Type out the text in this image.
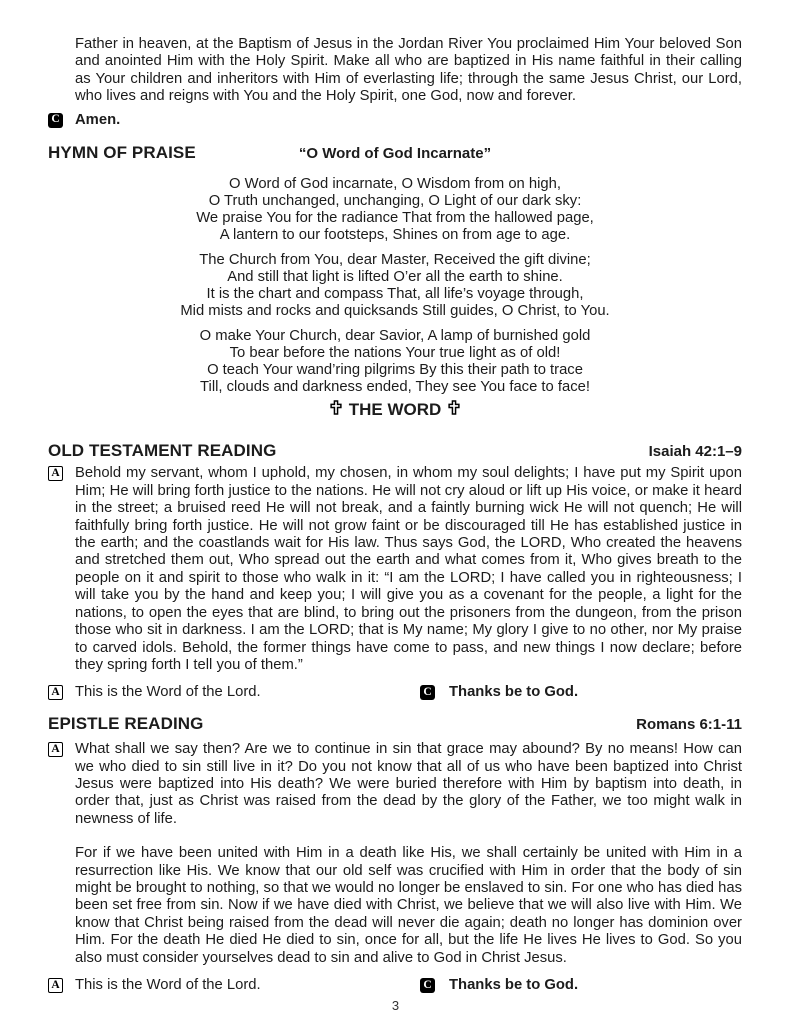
Father in heaven, at the Baptism of Jesus in the Jordan River You proclaimed Him Your beloved Son and anointed Him with the Holy Spirit. Make all who are baptized in His name faithful in their calling as Your children and inheritors with Him of everlasting life; through the same Jesus Christ, our Lord, who lives and reigns with You and the Holy Spirit, one God, now and forever.

C Amen.
HYMN OF PRAISE	“O Word of God Incarnate”
O Word of God incarnate, O Wisdom from on high,
O Truth unchanged, unchanging, O Light of our dark sky:
We praise You for the radiance That from the hallowed page,
A lantern to our footsteps, Shines on from age to age.
The Church from You, dear Master, Received the gift divine;
And still that light is lifted O’er all the earth to shine.
It is the chart and compass That, all life’s voyage through,
Mid mists and rocks and quicksands Still guides, O Christ, to You.
O make Your Church, dear Savior, A lamp of burnished gold
To bear before the nations Your true light as of old!
O teach Your wand’ring pilgrims By this their path to trace
Till, clouds and darkness ended, They see You face to face!
THE WORD
OLD TESTAMENT READING	Isaiah 42:1–9
A Behold my servant, whom I uphold, my chosen, in whom my soul delights; I have put my Spirit upon Him; He will bring forth justice to the nations. He will not cry aloud or lift up His voice, or make it heard in the street; a bruised reed He will not break, and a faintly burning wick He will not quench; He will faithfully bring forth justice. He will not grow faint or be discouraged till He has established justice in the earth; and the coastlands wait for His law. Thus says God, the LORD, Who created the heavens and stretched them out, Who spread out the earth and what comes from it, Who gives breath to the people on it and spirit to those who walk in it: “I am the LORD; I have called you in righteousness; I will take you by the hand and keep you; I will give you as a covenant for the people, a light for the nations, to open the eyes that are blind, to bring out the prisoners from the dungeon, from the prison those who sit in darkness. I am the LORD; that is My name; My glory I give to no other, nor My praise to carved idols. Behold, the former things have come to pass, and new things I now declare; before they spring forth I tell you of them.”

A This is the Word of the Lord.	C Thanks be to God.
EPISTLE READING	Romans 6:1-11
A What shall we say then? Are we to continue in sin that grace may abound? By no means! How can we who died to sin still live in it? Do you not know that all of us who have been baptized into Christ Jesus were baptized into His death? We were buried therefore with Him by baptism into death, in order that, just as Christ was raised from the dead by the glory of the Father, we too might walk in newness of life.

For if we have been united with Him in a death like His, we shall certainly be united with Him in a resurrection like His. We know that our old self was crucified with Him in order that the body of sin might be brought to nothing, so that we would no longer be enslaved to sin. For one who has died has been set free from sin. Now if we have died with Christ, we believe that we will also live with Him. We know that Christ being raised from the dead will never die again; death no longer has dominion over Him. For the death He died He died to sin, once for all, but the life He lives He lives to God. So you also must consider yourselves dead to sin and alive to God in Christ Jesus.

A This is the Word of the Lord.	C Thanks be to God.
3
